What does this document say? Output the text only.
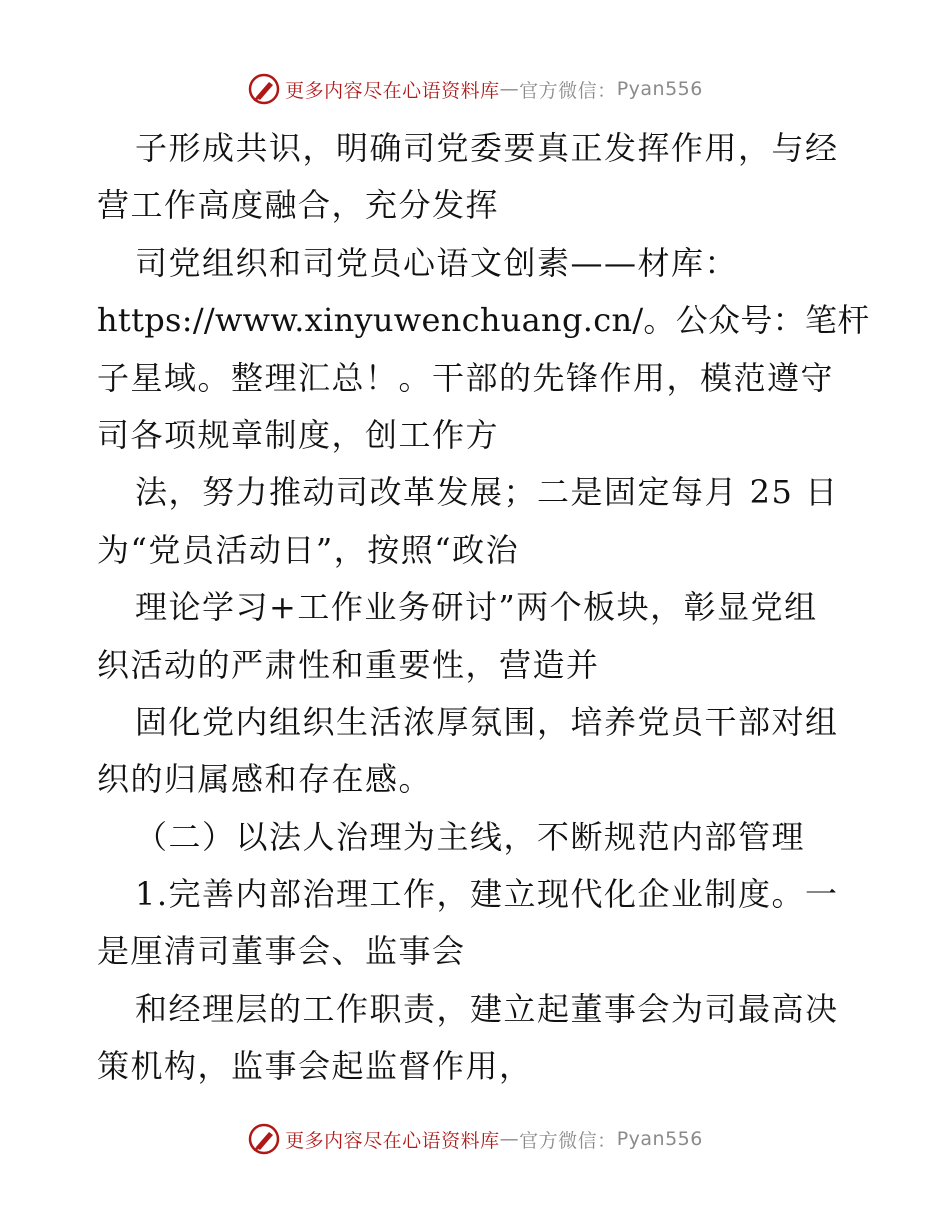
更多内容尽在心语资料库 — 官方微信： Pyan556
子形成共识，明确司党委要真正发挥作用，与经
营工作高度融合，充分发挥
司党组织和司党员心语文创素——材库：
https://www.xinyuwenchuang.cn/。公众号：笔杆
子星域。整理汇总！。干部的先锋作用，模范遵守
司各项规章制度，创工作方
法，努力推动司改革发展；二是固定每月 25 日
为“党员活动日”，按照“政治
理论学习+工作业务研讨”两个板块，彰显党组
织活动的严肃性和重要性，营造并
固化党内组织生活浓厚氛围，培养党员干部对组
织的归属感和存在感。
（二）以法人治理为主线，不断规范内部管理
1.完善内部治理工作，建立现代化企业制度。一
是厘清司董事会、监事会
和经理层的工作职责，建立起董事会为司最高决
策机构，监事会起监督作用，
更多内容尽在心语资料库 — 官方微信： Pyan556
